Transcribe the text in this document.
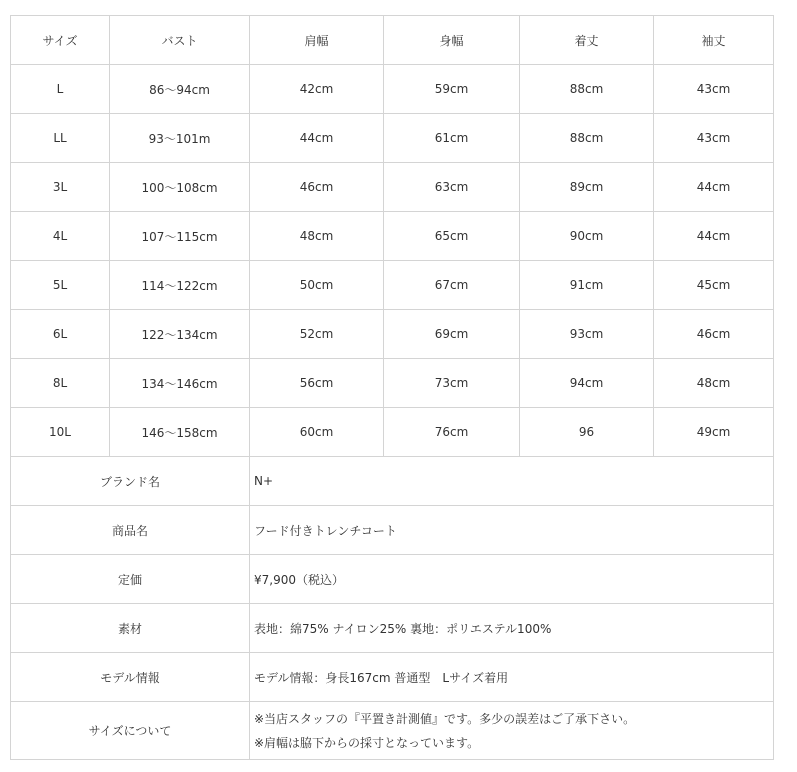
サイズ	バスト	肩幅	身幅	着丈	袖丈
L	86〜94cm	42cm	59cm	88cm	43cm
LL	93〜101m	44cm	61cm	88cm	43cm
3L	100〜108cm	46cm	63cm	89cm	44cm
4L	107〜115cm	48cm	65cm	90cm	44cm
5L	114〜122cm	50cm	67cm	91cm	45cm
6L	122〜134cm	52cm	69cm	93cm	46cm
8L	134〜146cm	56cm	73cm	94cm	48cm
10L	146〜158cm	60cm	76cm	96	49cm
ブランド名		N+			
商品名		フード付きトレンチコート			
定価		¥7,900（税込）			
素材		表地：綿75% ナイロン25% 裏地：ポリエステル100%			
モデル情報		モデル情報：身長167cm 普通型　Lサイズ着用			
サイズについて		※当店スタッフの『平置き計測値』です。多少の誤差はご了承下さい。
※肩幅は脇下からの採寸となっています。			
